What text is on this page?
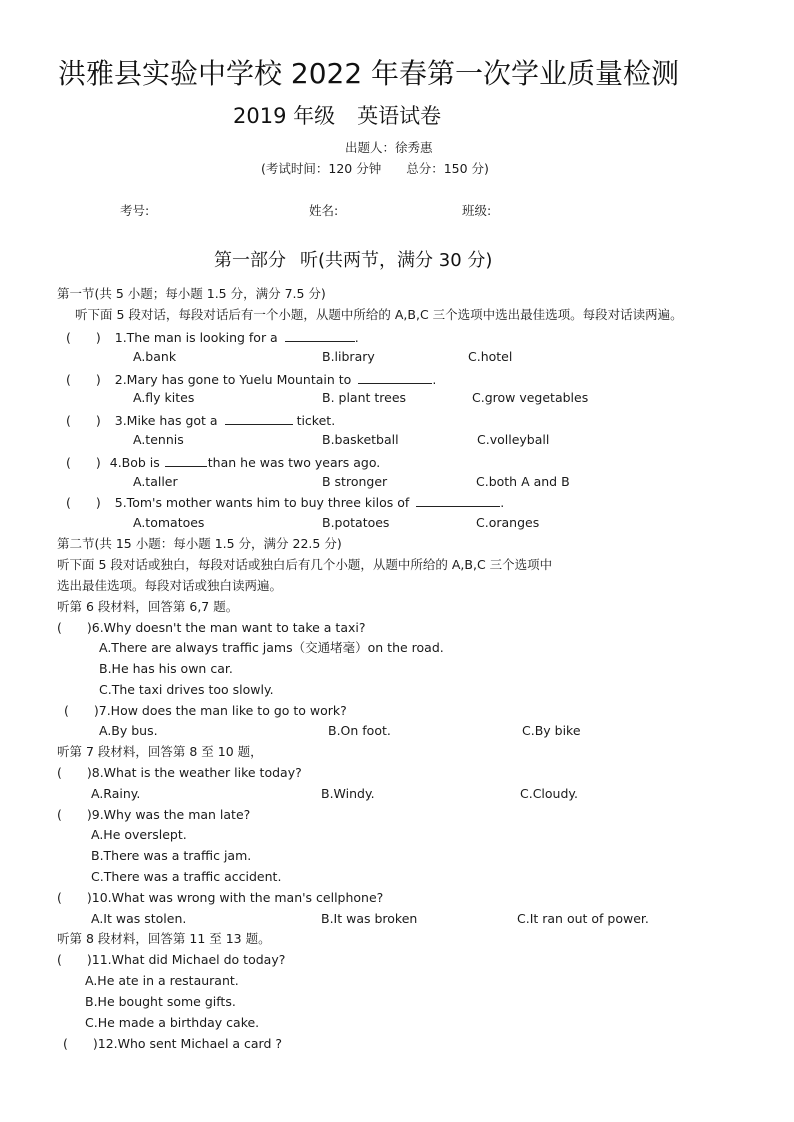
洪雅县实验中学校 2022 年春第一次学业质量检测
2019 年级 英语试卷
出题人：徐秀惠
(考试时间：120 分钟　　总分：150 分)
考号:	姓名:	班级:
第一部分 听(共两节，满分 30 分)
第一节(共 5 小题；每小题 1.5 分，满分 7.5 分)
听下面 5 段对话，每段对话后有一个小题，从题中所给的 A,B,C 三个选项中选出最佳选项。每段对话读两遍。
(　　) 1.The man is looking for a	.
A.bank	B.library	C.hotel
(　　) 2.Mary has gone to Yuelu Mountain to	.
A.fly kites	B. plant trees	C.grow vegetables
(　　) 3.Mike has got a	ticket.
A.tennis	B.basketball	C.volleyball
(　　) 4.Bob is	than he was two years ago.
A.taller	B stronger	C.both A and B
(　　) 5.Tom's mother wants him to buy three kilos of	.
A.tomatoes	B.potatoes	C.oranges
第二节(共 15 小题：每小题 1.5 分，满分 22.5 分)
听下面 5 段对话或独白，每段对话或独白后有几个小题，从题中所给的 A,B,C 三个选项中
选出最佳选项。每段对话或独白读两遍。
听第 6 段材料，回答第 6,7 题。
(　　)6.Why doesn't the man want to take a taxi?
A.There are always traffic jams（交通堵毫）on the road.
B.He has his own car.
C.The taxi drives too slowly.
(　　)7.How does the man like to go to work?
A.By bus.	B.On foot.	C.By bike
听第 7 段材料，回答第 8 至 10 题，
(　　)8.What is the weather like today?
A.Rainy.	B.Windy.	C.Cloudy.
(　　)9.Why was the man late?
A.He overslept.
B.There was a traffic jam.
C.There was a traffic accident.
(　　)10.What was wrong with the man's cellphone?
A.It was stolen.	B.It was broken	C.It ran out of power.
听第 8 段材料，回答第 11 至 13 题。
(　　)11.What did Michael do today?
A.He ate in a restaurant.
B.He bought some gifts.
C.He made a birthday cake.
(　　)12.Who sent Michael a card ?
